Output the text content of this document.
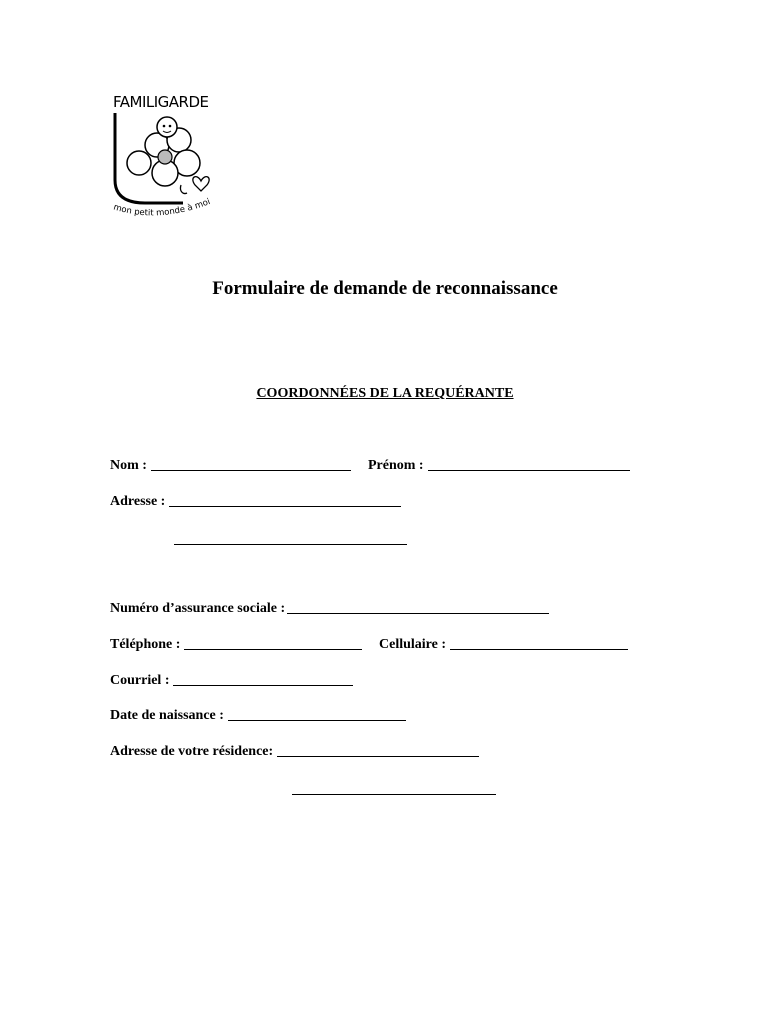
FAMILIGARDE
mon petit monde à moi
Formulaire de demande de reconnaissance
COORDONNÉES DE LA REQUÉRANTE
Nom :	Prénom :
Adresse :
Numéro d’assurance sociale :
Téléphone :	Cellulaire :
Courriel :
Date de naissance :
Adresse de votre résidence:
